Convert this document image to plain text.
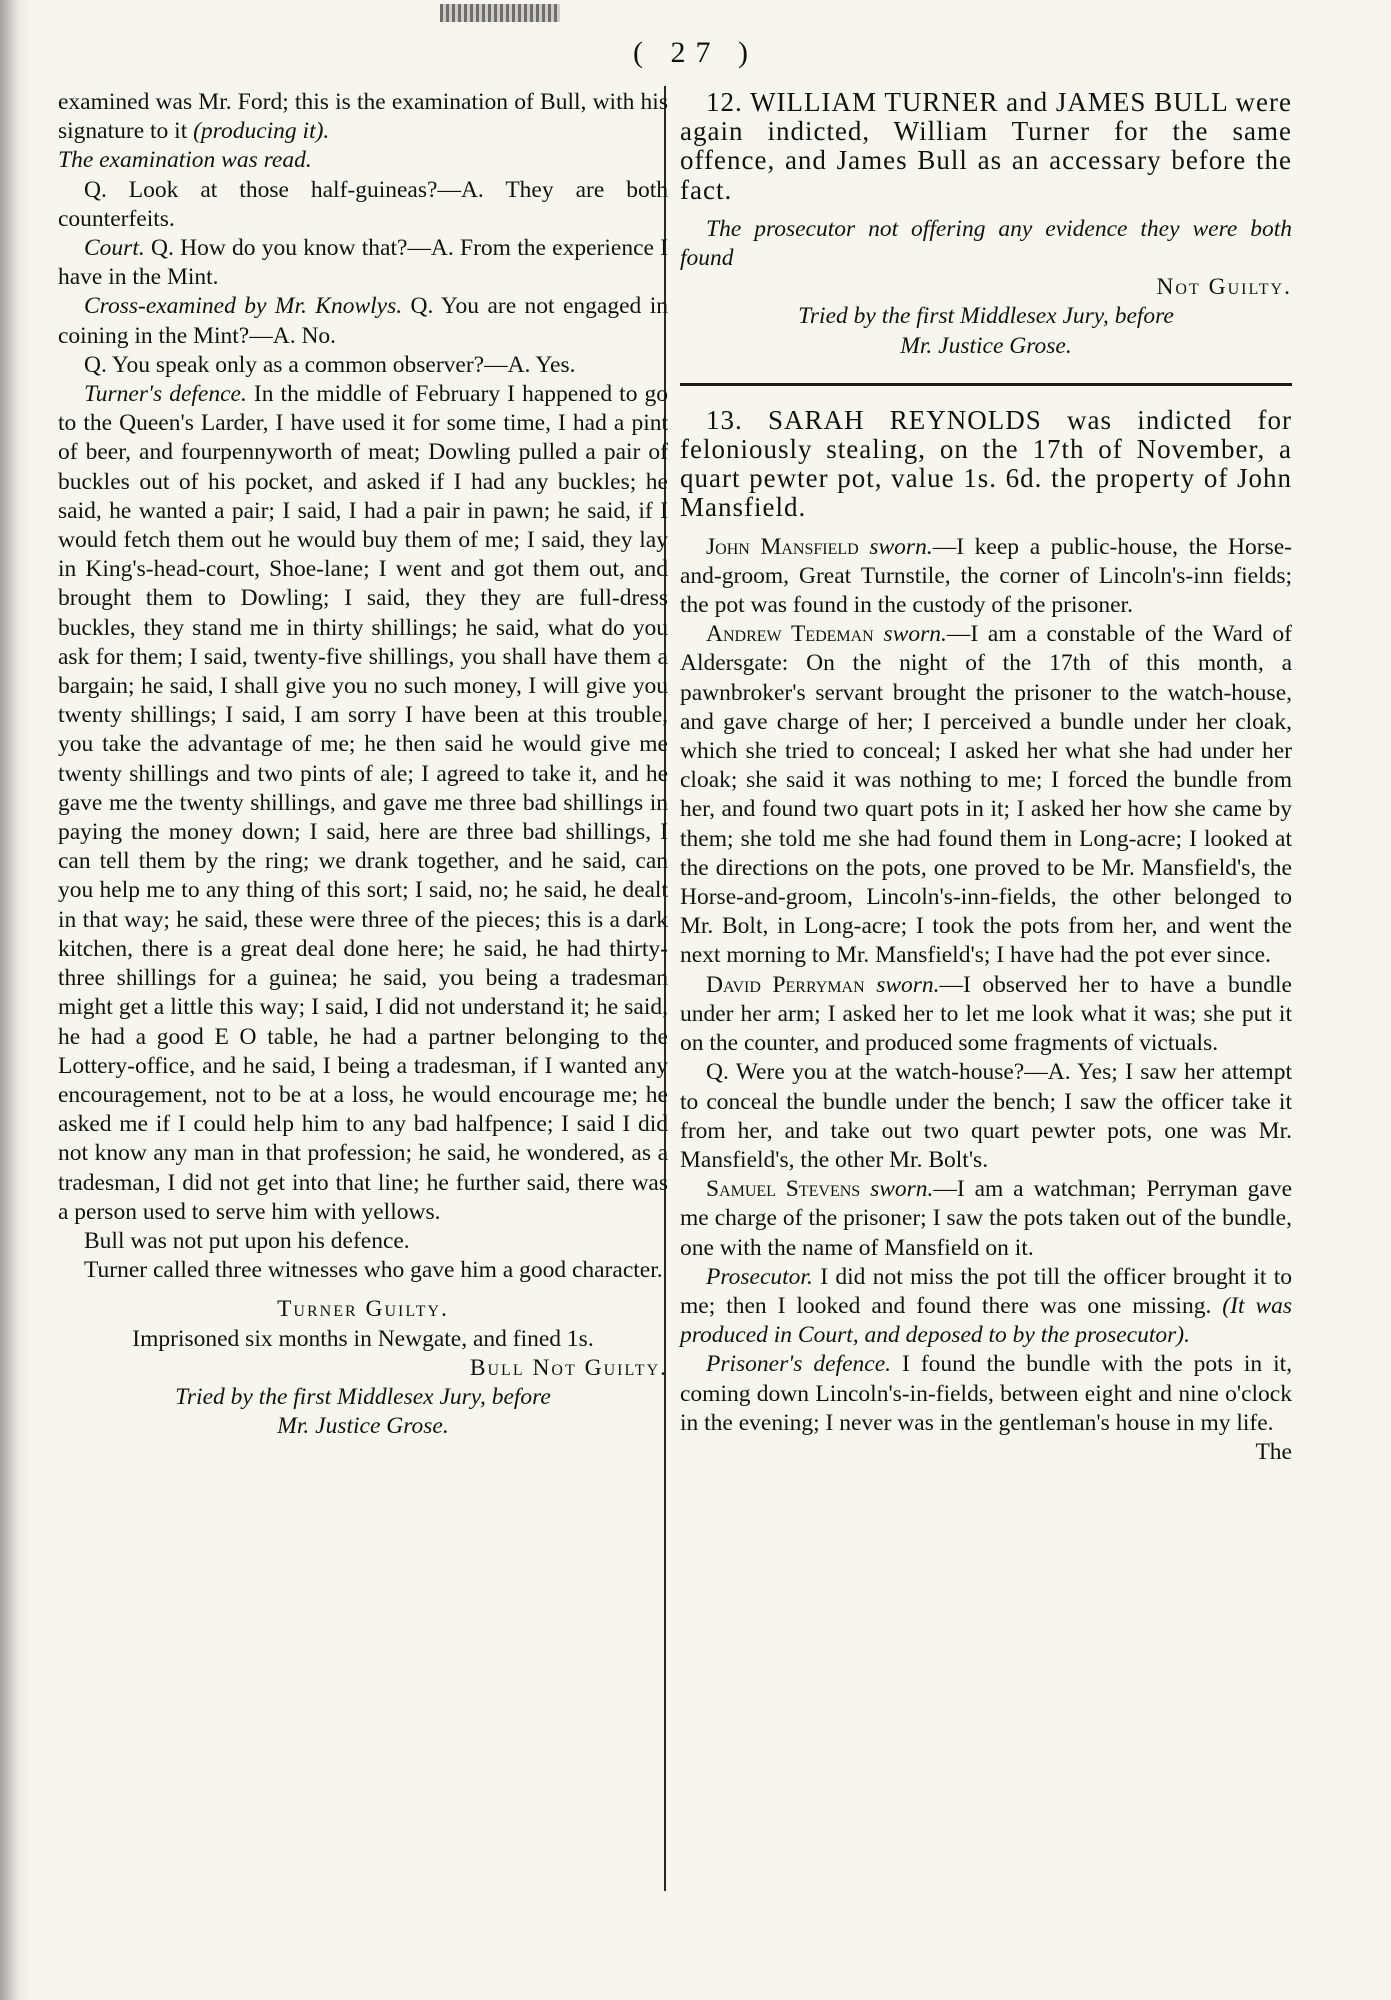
( 27 )

examined was Mr. Ford; this is the examination of Bull, with his signature to it (producing it).
The examination was read.

Q. Look at those half-guineas?—A. They are both counterfeits.

Court. Q. How do you know that?—A. From the experience I have in the Mint.

Cross-examined by Mr. Knowlys. Q. You are not engaged in coining in the Mint?—A. No.

Q. You speak only as a common observer?—A. Yes.

Turner's defence. In the middle of February I happened to go to the Queen's Larder, I have used it for some time, I had a pint of beer, and fourpennyworth of meat; Dowling pulled a pair of buckles out of his pocket, and asked if I had any buckles; he said, he wanted a pair; I said, I had a pair in pawn; he said, if I would fetch them out he would buy them of me; I said, they lay in King's-head-court, Shoe-lane; I went and got them out, and brought them to Dowling; I said, they they are full-dress buckles, they stand me in thirty shillings; he said, what do you ask for them; I said, twenty-five shillings, you shall have them a bargain; he said, I shall give you no such money, I will give you twenty shillings; I said, I am sorry I have been at this trouble, you take the advantage of me; he then said he would give me twenty shillings and two pints of ale; I agreed to take it, and he gave me the twenty shillings, and gave me three bad shillings in paying the money down; I said, here are three bad shillings, I can tell them by the ring; we drank together, and he said, can you help me to any thing of this sort; I said, no; he said, he dealt in that way; he said, these were three of the pieces; this is a dark kitchen, there is a great deal done here; he said, he had thirty-three shillings for a guinea; he said, you being a tradesman might get a little this way; I said, I did not understand it; he said, he had a good E O table, he had a partner belonging to the Lottery-office, and he said, I being a tradesman, if I wanted any encouragement, not to be at a loss, he would encourage me; he asked me if I could help him to any bad halfpence; I said I did not know any man in that profession; he said, he wondered, as a tradesman, I did not get into that line; he further said, there was a person used to serve him with yellows.

Bull was not put upon his defence.

Turner called three witnesses who gave him a good character.

Turner Guilty.

Imprisoned six months in Newgate, and fined 1s.

Bull Not Guilty.

Tried by the first Middlesex Jury, before

Mr. Justice Grose.

12. WILLIAM TURNER and JAMES BULL were again indicted, William Turner for the same offence, and James Bull as an accessary before the fact.

The prosecutor not offering any evidence they were both found

Not Guilty.

Tried by the first Middlesex Jury, before

Mr. Justice Grose.

13. SARAH REYNOLDS was indicted for feloniously stealing, on the 17th of November, a quart pewter pot, value 1s. 6d. the property of John Mansfield.

John Mansfield sworn.—I keep a public-house, the Horse-and-groom, Great Turnstile, the corner of Lincoln's-inn fields; the pot was found in the custody of the prisoner.

Andrew Tedeman sworn.—I am a constable of the Ward of Aldersgate: On the night of the 17th of this month, a pawnbroker's servant brought the prisoner to the watch-house, and gave charge of her; I perceived a bundle under her cloak, which she tried to conceal; I asked her what she had under her cloak; she said it was nothing to me; I forced the bundle from her, and found two quart pots in it; I asked her how she came by them; she told me she had found them in Long-acre; I looked at the directions on the pots, one proved to be Mr. Mansfield's, the Horse-and-groom, Lincoln's-inn-fields, the other belonged to Mr. Bolt, in Long-acre; I took the pots from her, and went the next morning to Mr. Mansfield's; I have had the pot ever since.

David Perryman sworn.—I observed her to have a bundle under her arm; I asked her to let me look what it was; she put it on the counter, and produced some fragments of victuals.

Q. Were you at the watch-house?—A. Yes; I saw her attempt to conceal the bundle under the bench; I saw the officer take it from her, and take out two quart pewter pots, one was Mr. Mansfield's, the other Mr. Bolt's.

Samuel Stevens sworn.—I am a watchman; Perryman gave me charge of the prisoner; I saw the pots taken out of the bundle, one with the name of Mansfield on it.

Prosecutor. I did not miss the pot till the officer brought it to me; then I looked and found there was one missing. (It was produced in Court, and deposed to by the prosecutor).

Prisoner's defence. I found the bundle with the pots in it, coming down Lincoln's-in-fields, between eight and nine o'clock in the evening; I never was in the gentleman's house in my life.

The
